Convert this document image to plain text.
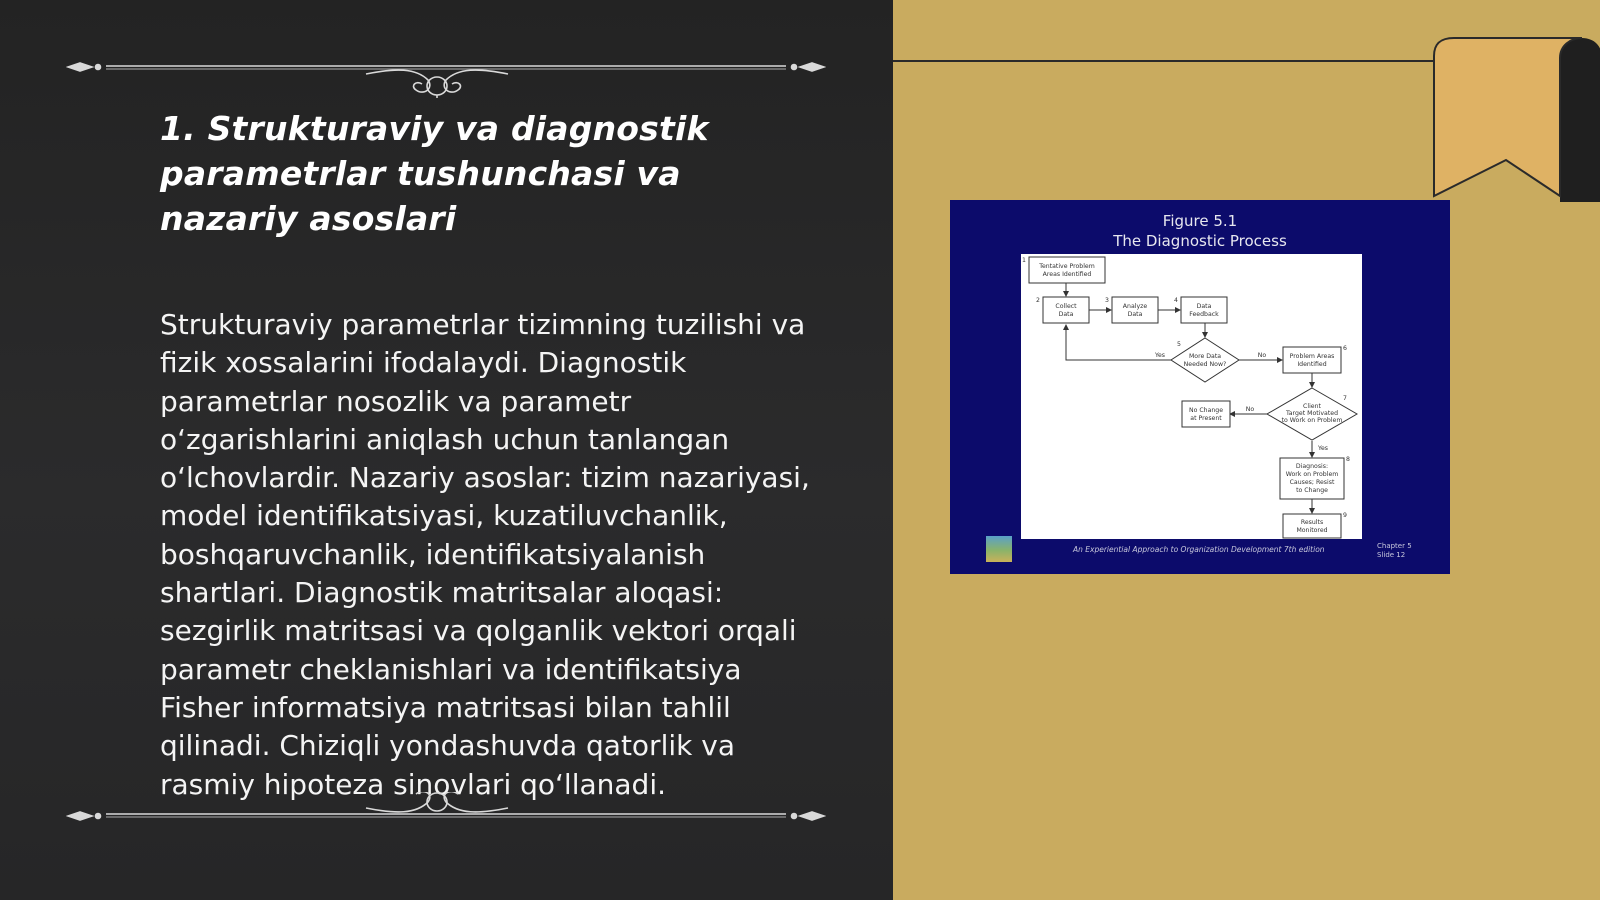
1. Strukturaviy va diagnostik parametrlar tushunchasi va nazariy asoslari

Strukturaviy parametrlar tizimning tuzilishi va fizik xossalarini ifodalaydi. Diagnostik parametrlar nosozlik va parametr o‘zgarishlarini aniqlash uchun tanlangan o‘lchovlardir. Nazariy asoslar: tizim nazariyasi, model identifikatsiyasi, kuzatiluvchanlik, boshqaruvchanlik, identifikatsiyalanish shartlari. Diagnostik matritsalar aloqasi: sezgirlik matritsasi va qolganlik vektori orqali parametr cheklanishlari va identifikatsiya Fisher informatsiya matritsasi bilan tahlil qilinadi. Chiziqli yondashuvda qatorlik va rasmiy hipoteza sinovlari qo‘llanadi.

Figure 5.1
The Diagnostic Process
Tentative Problem
Areas Identified
Collect
Data
Analyze
Data
Data
Feedback
More Data
Needed Now?
Problem Areas
Identified
Client
Target Motivated
to Work on Problem
No Change
at Present
Diagnosis:
Work on Problem
Causes; Resist
to Change
Results
Monitored
Yes	No
No
Yes
1
2	3	4
5
6
7
8
9
An Experiential Approach to Organization Development 7th edition	Chapter 5
Slide 12
